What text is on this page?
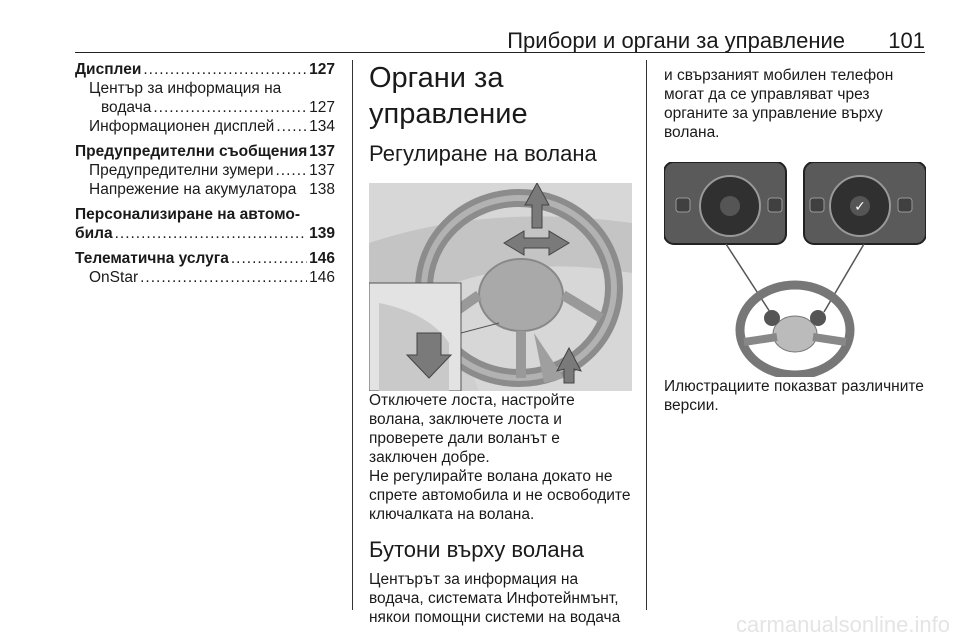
Прибори и органи за управление 101
Дисплеи .....	127
Център за информация на
водача .....	127
Информационен дисплей ..... 134
Предупредителни съобщения 137
Предупредителни зумери ..... 137
Напрежение на акумулатора 138
Персонализиране на автомо-
била .....	139
Телематична услуга .....	146
OnStar .....	146
Органи за управление
Регулиране на волана

Отключете лоста, настройте волана, заключете лоста и проверете дали воланът е заключен добре.

Не регулирайте волана докато не спрете автомобила и не освободите ключалката на волана.

Бутони върху волана

Центърът за информация на водача, системата Инфотейнмънт, някои помощни системи на водача

и свързаният мобилен телефон могат да се управляват чрез органите за управление върху волана.

✓

Илюстрациите показват различните версии.

carmanualsonline.info
